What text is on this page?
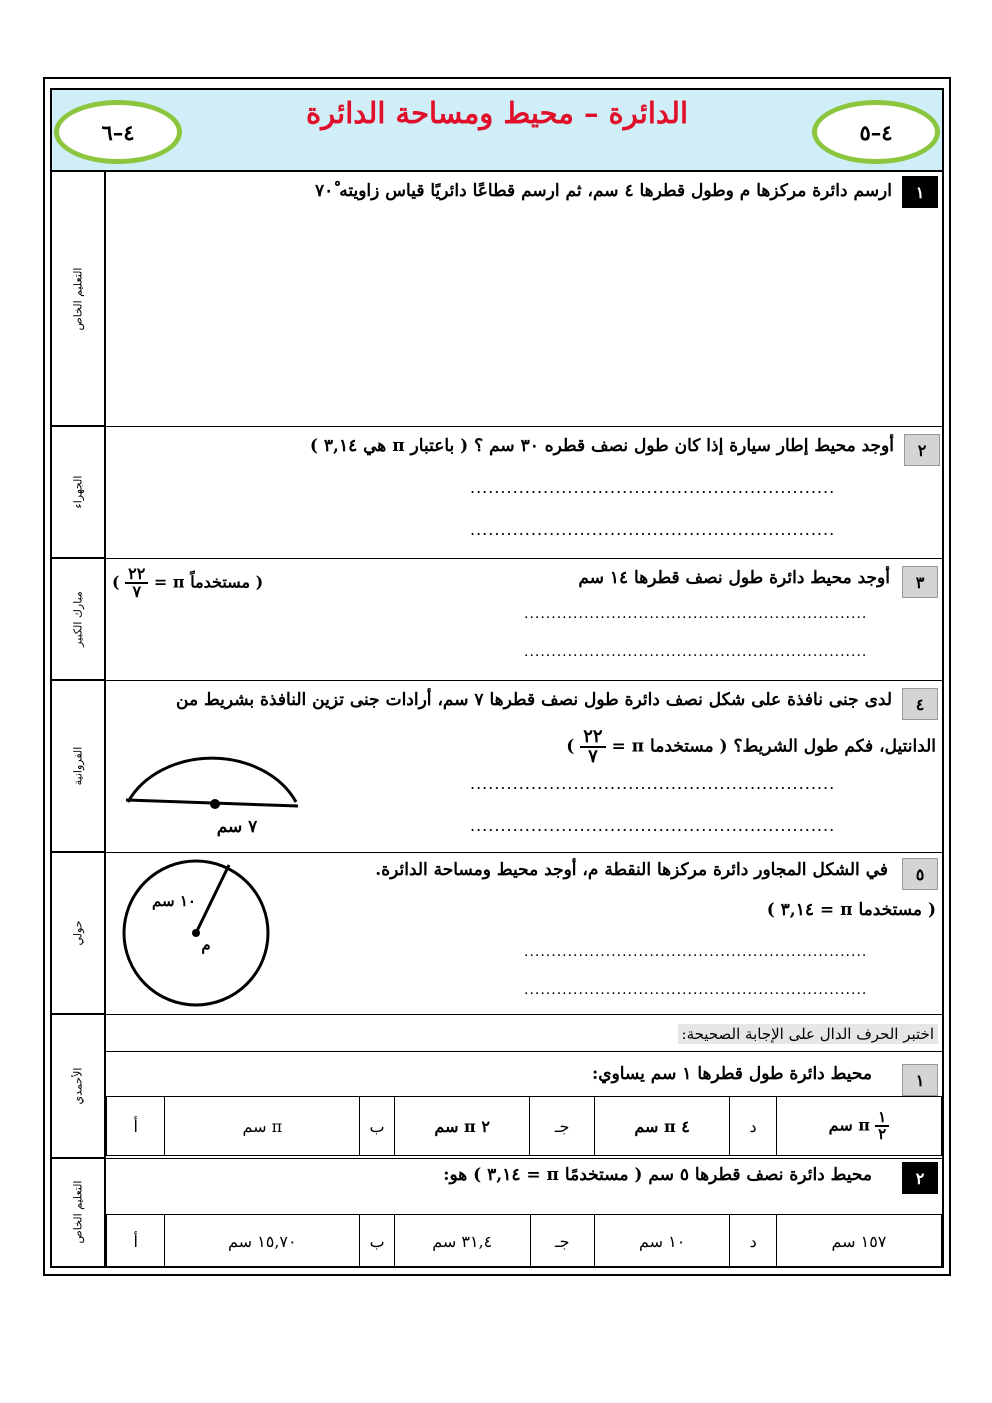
٤–٥
الدائرة – محيط ومساحة الدائرة
٤–٦
التعليم الخاص
الجهراء
مبارك الكبير
الفروانية
حولي
الأحمدي
التعليم الخاص
١
ارسم دائرة مركزها م وطول قطرها ٤ سم، ثم ارسم قطاعًا دائريًا قياس زاويته ٧٠ْ
٢
أوجد محيط إطار سيارة إذا كان طول نصف قطره ٣٠ سم ؟ ( باعتبار π هي ٣,١٤ )
............................................................
............................................................
٣
أوجد محيط دائرة طول نصف قطرها ١٤ سم
( مستخدماً π =
$\frac{٢٢}{٧}$
)
...............................................................
...............................................................
٤
لدى جنى نافذة على شكل نصف دائرة طول نصف قطرها ٧ سم، أرادات جنى تزين النافذة بشريط من
الدانتيل، فكم طول الشريط؟ ( مستخدما π =
$\frac{٢٢}{٧}$
)
............................................................
............................................................
٧ سم
٥
في الشكل المجاور دائرة مركزها النقطة م، أوجد محيط ومساحة الدائرة.
( مستخدما π = ٣,١٤ )
...............................................................
...............................................................
١٠ سم
م
اختبر الحرف الدال على الإجابة الصحيحة:
١
محيط دائرة طول قطرها ١ سم يساوي:
$\frac{١}{٢}$
π سم	د	٤ π سم	جـ	٢ π سم	ب	π سم	أ
٢
محيط دائرة نصف قطرها ٥ سم ( مستخدمًا π = ٣,١٤ ) هو:
١٥٧ سم	د	١٠ سم	جـ	٣١,٤ سم	ب	١٥,٧٠ سم	أ
